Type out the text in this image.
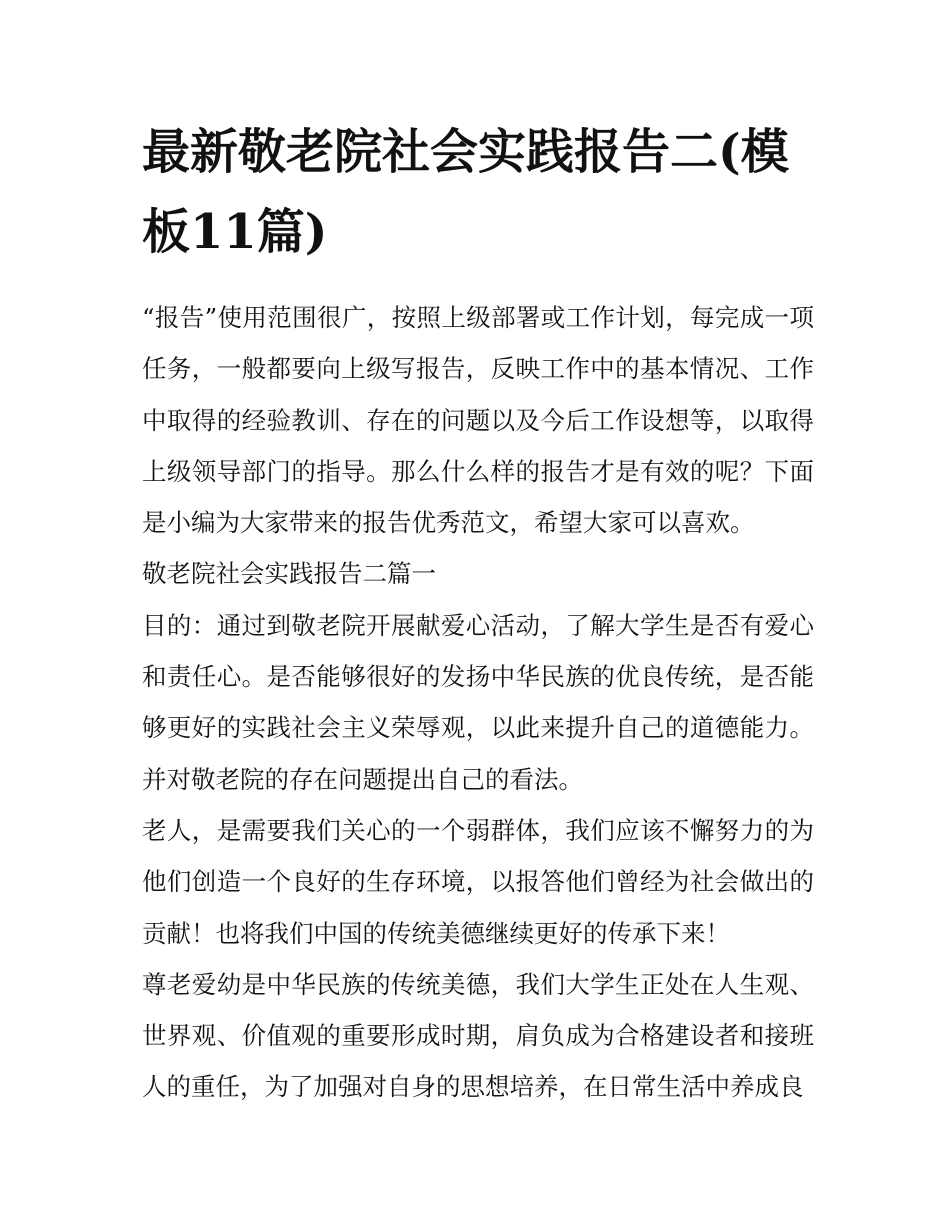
最新敬老院社会实践报告二(模板11篇)

“报告”使用范围很广，按照上级部署或工作计划，每完成一项任务，一般都要向上级写报告，反映工作中的基本情况、工作中取得的经验教训、存在的问题以及今后工作设想等，以取得上级领导部门的指导。那么什么样的报告才是有效的呢？下面是小编为大家带来的报告优秀范文，希望大家可以喜欢。

敬老院社会实践报告二篇一

目的：通过到敬老院开展献爱心活动，了解大学生是否有爱心和责任心。是否能够很好的发扬中华民族的优良传统，是否能够更好的实践社会主义荣辱观，以此来提升自己的道德能力。并对敬老院的存在问题提出自己的看法。

老人，是需要我们关心的一个弱群体，我们应该不懈努力的为他们创造一个良好的生存环境，以报答他们曾经为社会做出的贡献！也将我们中国的传统美德继续更好的传承下来！

尊老爱幼是中华民族的传统美德，我们大学生正处在人生观、世界观、价值观的重要形成时期，肩负成为合格建设者和接班人的重任，为了加强对自身的思想培养，在日常生活中养成良
